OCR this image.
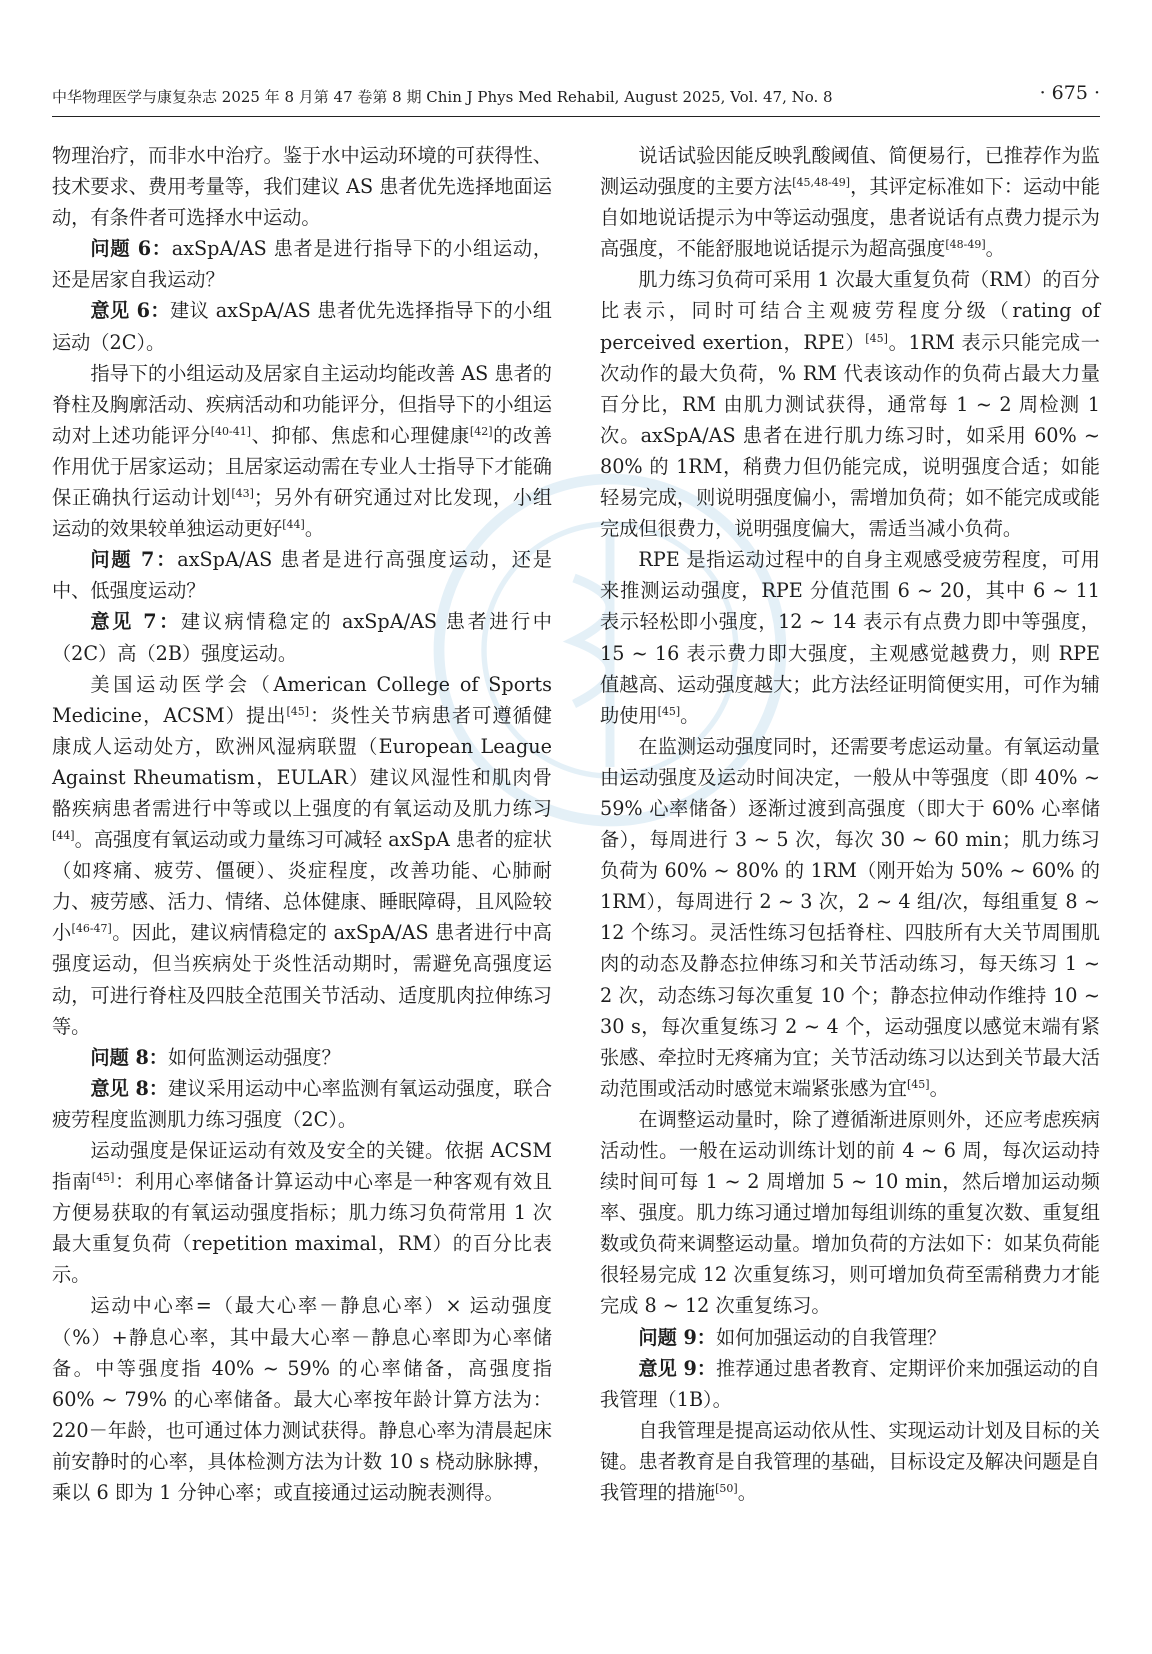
中华物理医学与康复杂志 2025 年 8 月第 47 卷第 8 期 Chin J Phys Med Rehabil, August 2025, Vol. 47, No. 8	· 675 ·

物理治疗，而非水中治疗。鉴于水中运动环境的可获得性、技术要求、费用考量等，我们建议 AS 患者优先选择地面运动，有条件者可选择水中运动。

问题 6：axSpA/AS 患者是进行指导下的小组运动，还是居家自我运动？

意见 6：建议 axSpA/AS 患者优先选择指导下的小组运动（2C）。

指导下的小组运动及居家自主运动均能改善 AS 患者的脊柱及胸廓活动、疾病活动和功能评分，但指导下的小组运动对上述功能评分[40-41]、抑郁、焦虑和心理健康[42]的改善作用优于居家运动；且居家运动需在专业人士指导下才能确保正确执行运动计划[43]；另外有研究通过对比发现，小组运动的效果较单独运动更好[44]。

问题 7：axSpA/AS 患者是进行高强度运动，还是中、低强度运动？

意见 7：建议病情稳定的 axSpA/AS 患者进行中（2C）高（2B）强度运动。

美国运动医学会（American College of Sports Medicine，ACSM）提出[45]：炎性关节病患者可遵循健康成人运动处方，欧洲风湿病联盟（European League Against Rheumatism，EULAR）建议风湿性和肌肉骨骼疾病患者需进行中等或以上强度的有氧运动及肌力练习[44]。高强度有氧运动或力量练习可减轻 axSpA 患者的症状（如疼痛、疲劳、僵硬）、炎症程度，改善功能、心肺耐力、疲劳感、活力、情绪、总体健康、睡眠障碍，且风险较小[46-47]。因此，建议病情稳定的 axSpA/AS 患者进行中高强度运动，但当疾病处于炎性活动期时，需避免高强度运动，可进行脊柱及四肢全范围关节活动、适度肌肉拉伸练习等。

问题 8：如何监测运动强度？

意见 8：建议采用运动中心率监测有氧运动强度，联合疲劳程度监测肌力练习强度（2C）。

运动强度是保证运动有效及安全的关键。依据 ACSM 指南[45]：利用心率储备计算运动中心率是一种客观有效且方便易获取的有氧运动强度指标；肌力练习负荷常用 1 次最大重复负荷（repetition maximal，RM）的百分比表示。

运动中心率=（最大心率－静息心率）× 运动强度（%）+静息心率，其中最大心率－静息心率即为心率储备。中等强度指 40% ~ 59% 的心率储备，高强度指 60% ~ 79% 的心率储备。最大心率按年龄计算方法为：220－年龄，也可通过体力测试获得。静息心率为清晨起床前安静时的心率，具体检测方法为计数 10 s 桡动脉脉搏，乘以 6 即为 1 分钟心率；或直接通过运动腕表测得。

说话试验因能反映乳酸阈值、简便易行，已推荐作为监测运动强度的主要方法[45,48-49]，其评定标准如下：运动中能自如地说话提示为中等运动强度，患者说话有点费力提示为高强度，不能舒服地说话提示为超高强度[48-49]。

肌力练习负荷可采用 1 次最大重复负荷（RM）的百分比表示，同时可结合主观疲劳程度分级（rating of perceived exertion，RPE）[45]。1RM 表示只能完成一次动作的最大负荷，% RM 代表该动作的负荷占最大力量百分比，RM 由肌力测试获得，通常每 1 ~ 2 周检测 1 次。axSpA/AS 患者在进行肌力练习时，如采用 60% ~ 80% 的 1RM，稍费力但仍能完成，说明强度合适；如能轻易完成，则说明强度偏小，需增加负荷；如不能完成或能完成但很费力，说明强度偏大，需适当减小负荷。

RPE 是指运动过程中的自身主观感受疲劳程度，可用来推测运动强度，RPE 分值范围 6 ~ 20，其中 6 ~ 11 表示轻松即小强度，12 ~ 14 表示有点费力即中等强度，15 ~ 16 表示费力即大强度，主观感觉越费力，则 RPE 值越高、运动强度越大；此方法经证明简便实用，可作为辅助使用[45]。

在监测运动强度同时，还需要考虑运动量。有氧运动量由运动强度及运动时间决定，一般从中等强度（即 40% ~ 59% 心率储备）逐渐过渡到高强度（即大于 60% 心率储备），每周进行 3 ~ 5 次，每次 30 ~ 60 min；肌力练习负荷为 60% ~ 80% 的 1RM（刚开始为 50% ~ 60% 的 1RM），每周进行 2 ~ 3 次，2 ~ 4 组/次，每组重复 8 ~ 12 个练习。灵活性练习包括脊柱、四肢所有大关节周围肌肉的动态及静态拉伸练习和关节活动练习，每天练习 1 ~ 2 次，动态练习每次重复 10 个；静态拉伸动作维持 10 ~ 30 s，每次重复练习 2 ~ 4 个，运动强度以感觉末端有紧张感、牵拉时无疼痛为宜；关节活动练习以达到关节最大活动范围或活动时感觉末端紧张感为宜[45]。

在调整运动量时，除了遵循渐进原则外，还应考虑疾病活动性。一般在运动训练计划的前 4 ~ 6 周，每次运动持续时间可每 1 ~ 2 周增加 5 ~ 10 min，然后增加运动频率、强度。肌力练习通过增加每组训练的重复次数、重复组数或负荷来调整运动量。增加负荷的方法如下：如某负荷能很轻易完成 12 次重复练习，则可增加负荷至需稍费力才能完成 8 ~ 12 次重复练习。

问题 9：如何加强运动的自我管理？

意见 9：推荐通过患者教育、定期评价来加强运动的自我管理（1B）。

自我管理是提高运动依从性、实现运动计划及目标的关键。患者教育是自我管理的基础，目标设定及解决问题是自我管理的措施[50]。
